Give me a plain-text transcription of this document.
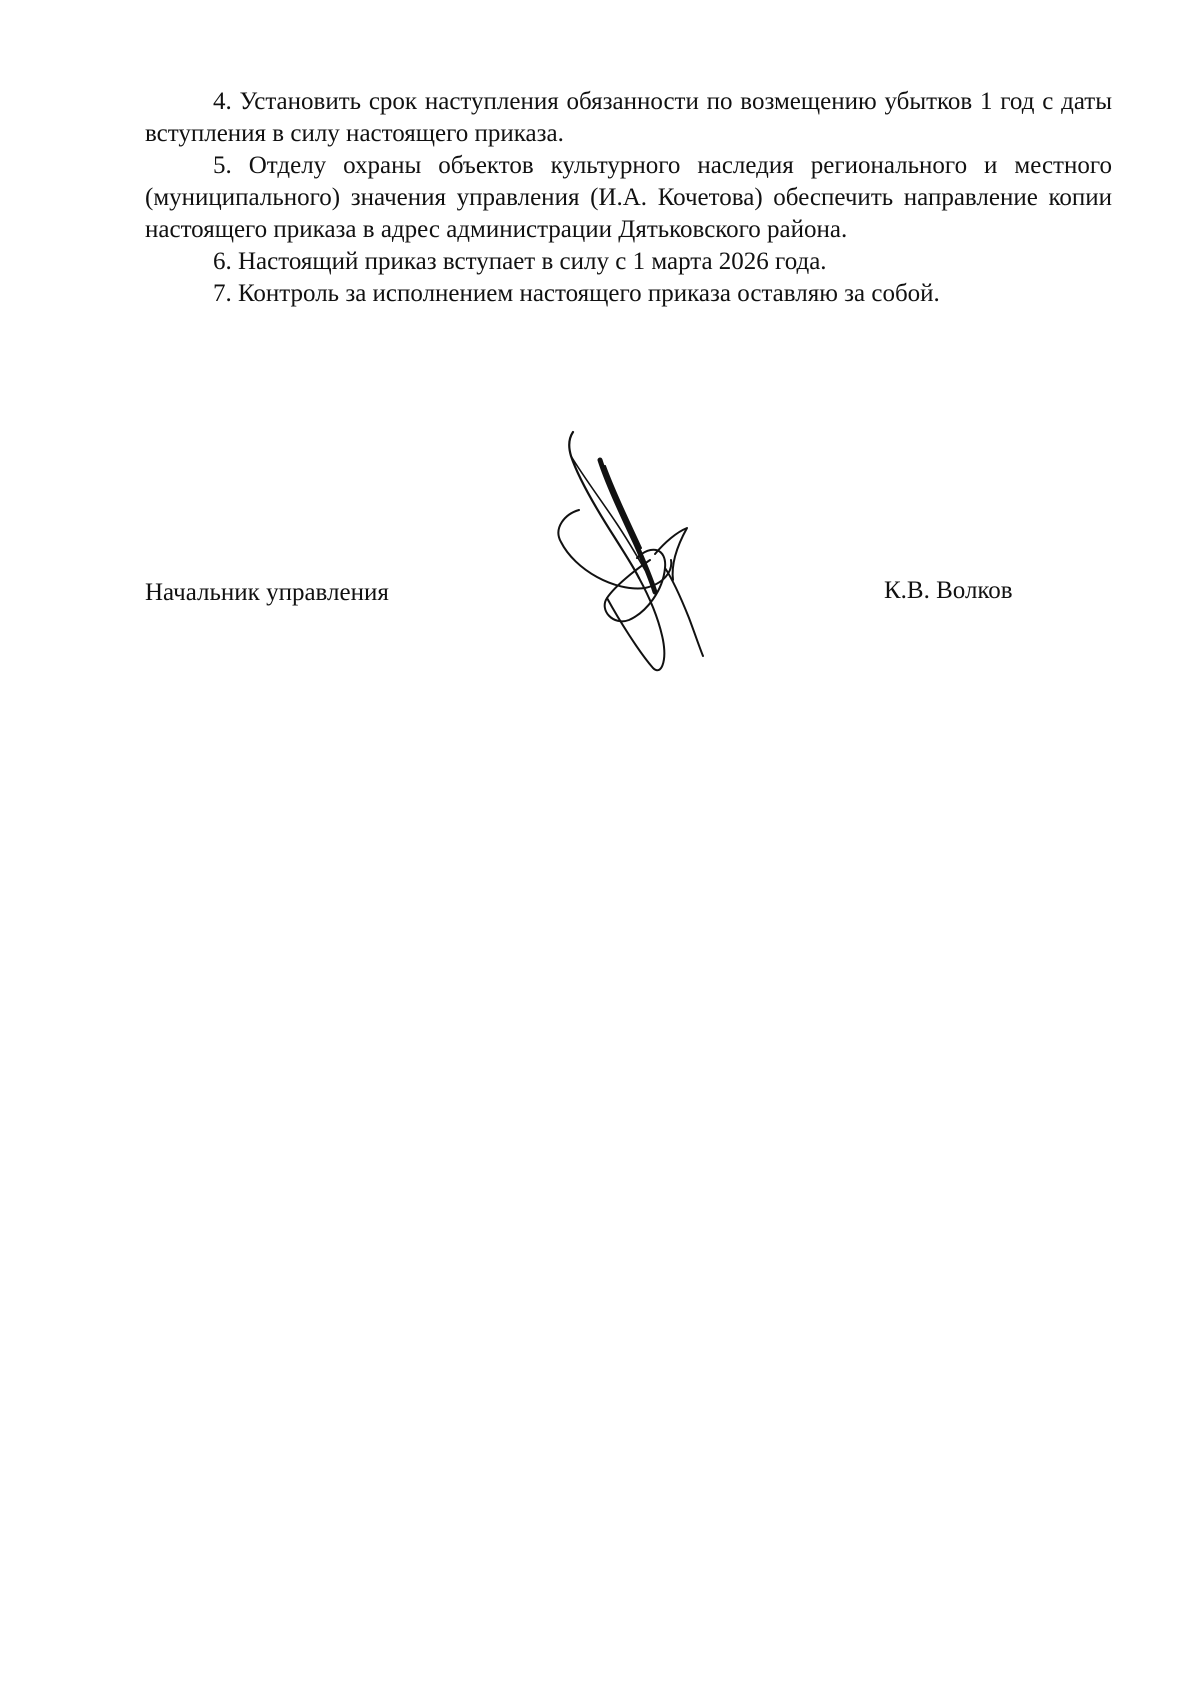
4. Установить срок наступления обязанности по возмещению убытков 1 год с даты вступления в силу настоящего приказа.

5. Отделу охраны объектов культурного наследия регионального и местного (муниципального) значения управления (И.А. Кочетова) обеспечить направление копии настоящего приказа в адрес администрации Дятьковского района.

6. Настоящий приказ вступает в силу с 1 марта 2026 года.

7. Контроль за исполнением настоящего приказа оставляю за собой.

Начальник управления	К.В. Волков
